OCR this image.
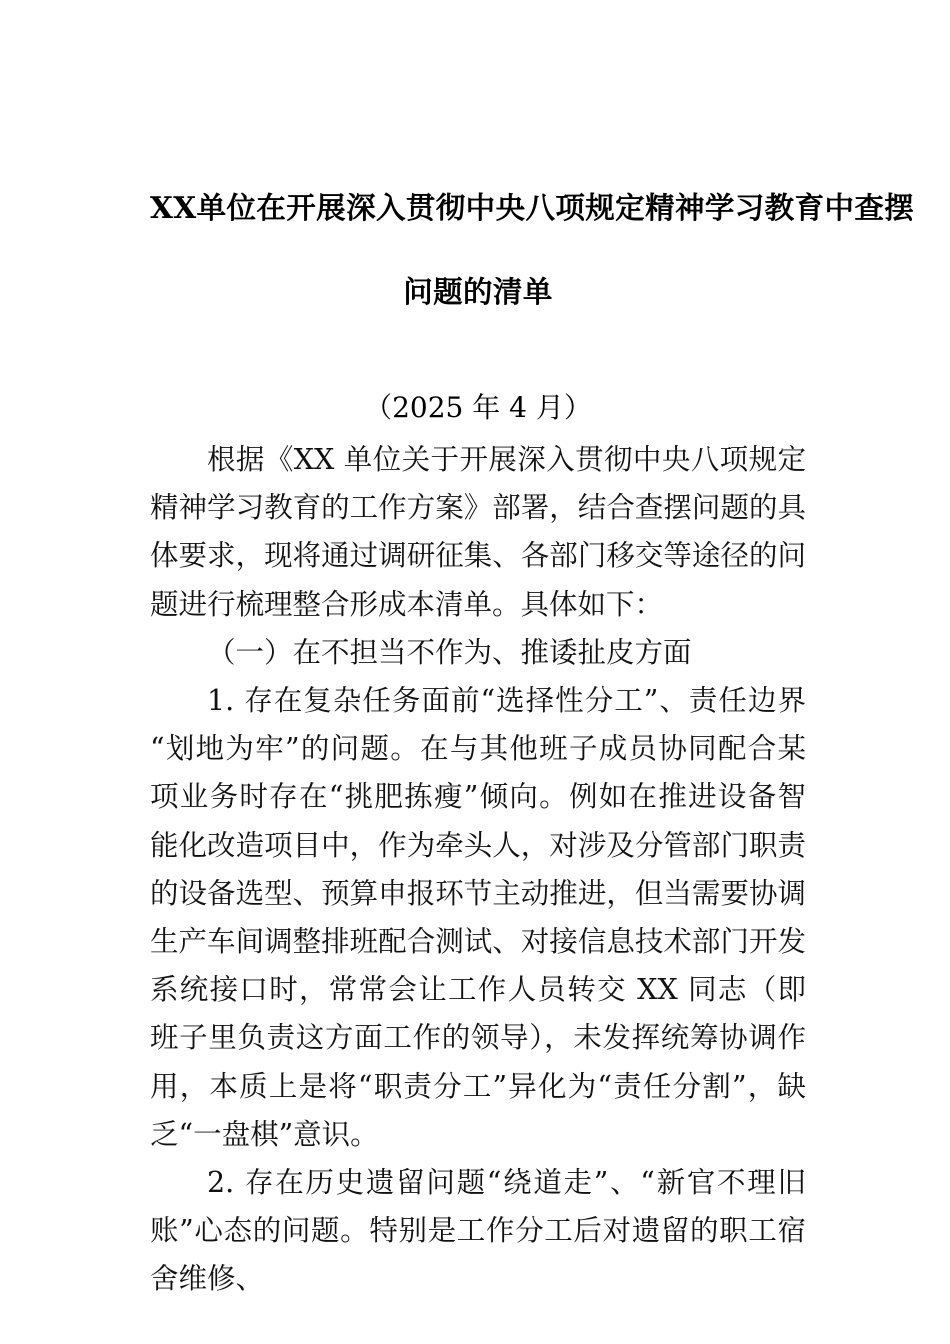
XX单位在开展深入贯彻中央八项规定精神学习教育中查摆
问题的清单
（2025 年 4 月）

根据《XX 单位关于开展深入贯彻中央八项规定精神学习教育的工作方案》部署，结合查摆问题的具体要求，现将通过调研征集、各部门移交等途径的问题进行梳理整合形成本清单。具体如下：

（一）在不担当不作为、推诿扯皮方面

1. 存在复杂任务面前“选择性分工”、责任边界“划地为牢”的问题。在与其他班子成员协同配合某项业务时存在“挑肥拣瘦”倾向。例如在推进设备智能化改造项目中，作为牵头人，对涉及分管部门职责的设备选型、预算申报环节主动推进，但当需要协调生产车间调整排班配合测试、对接信息技术部门开发系统接口时，常常会让工作人员转交 XX 同志（即班子里负责这方面工作的领导），未发挥统筹协调作用，本质上是将“职责分工”异化为“责任分割”，缺乏“一盘棋”意识。

2. 存在历史遗留问题“绕道走”、“新官不理旧账”心态的问题。特别是工作分工后对遗留的职工宿舍维修、
